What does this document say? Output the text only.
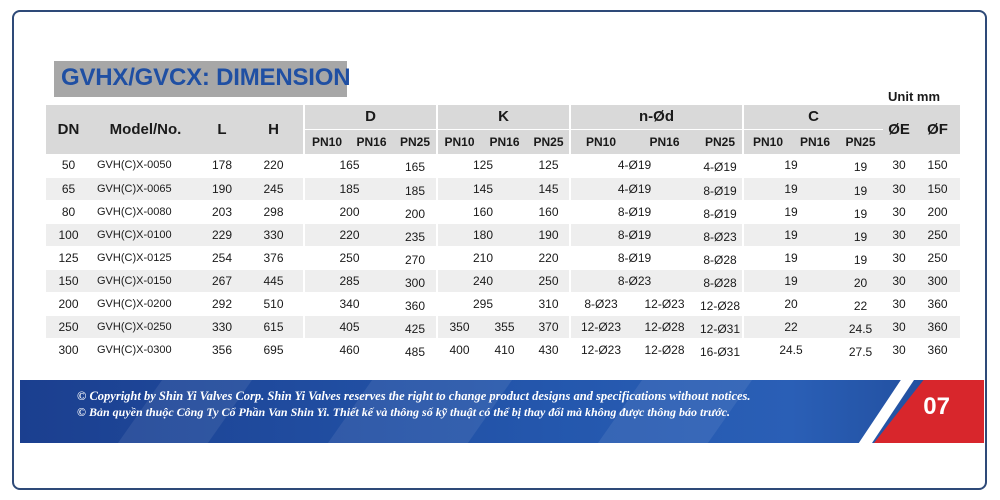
GVHX/GVCX: DIMENSION
Unit mm
DN	Model/No.	L	H	D			K			n-Ød			C			ØE	ØF
				PN10	PN16	PN25	PN10	PN16	PN25	PN10	PN16	PN25	PN10	PN16	PN25		
50	GVH(C)X-0050	178	220	165		165	125		125	4-Ø19		4-Ø19	19		19	30	150
65	GVH(C)X-0065	190	245	185		185	145		145	4-Ø19		8-Ø19	19		19	30	150
80	GVH(C)X-0080	203	298	200		200	160		160	8-Ø19		8-Ø19	19		19	30	200
100	GVH(C)X-0100	229	330	220		235	180		190	8-Ø19		8-Ø23	19		19	30	250
125	GVH(C)X-0125	254	376	250		270	210		220	8-Ø19		8-Ø28	19		19	30	250
150	GVH(C)X-0150	267	445	285		300	240		250	8-Ø23		8-Ø28	19		20	30	300
200	GVH(C)X-0200	292	510	340		360	295		310	8-Ø23	12-Ø23	12-Ø28	20		22	30	360
250	GVH(C)X-0250	330	615	405		425	350	355	370	12-Ø23	12-Ø28	12-Ø31	22		24.5	30	360
300	GVH(C)X-0300	356	695	460		485	400	410	430	12-Ø23	12-Ø28	16-Ø31	24.5		27.5	30	360
© Copyright by Shin Yi Valves Corp. Shin Yi Valves reserves the right to change product designs and specifications without notices.
© Bản quyền thuộc Công Ty Cổ Phần Van Shin Yi. Thiết kế và thông số kỹ thuật có thể bị thay đổi mà không được thông báo trước.	07
